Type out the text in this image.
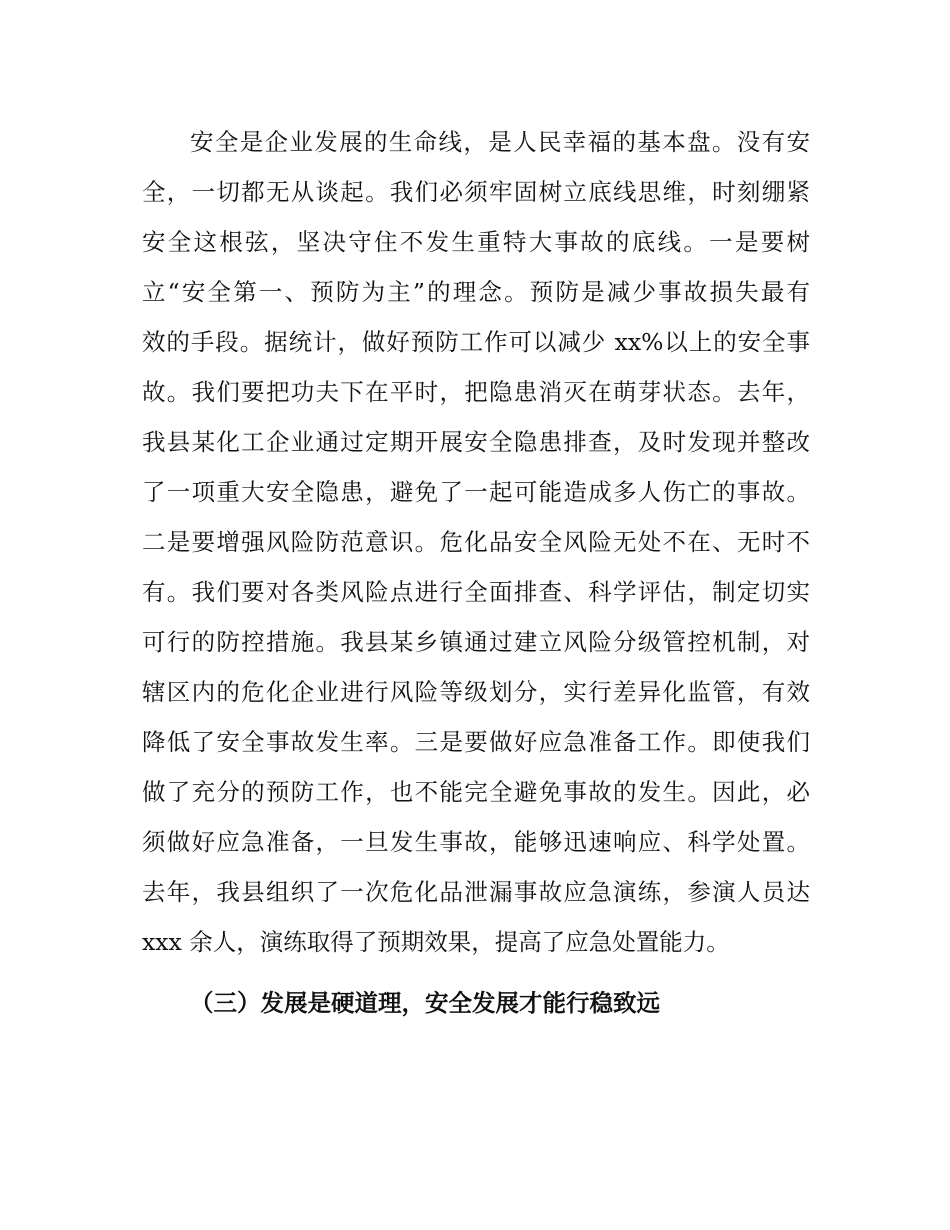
安全是企业发展的生命线，是人民幸福的基本盘。没有安
全，一切都无从谈起。我们必须牢固树立底线思维，时刻绷紧
安全这根弦，坚决守住不发生重特大事故的底线。一是要树
立“安全第一、预防为主”的理念。预防是减少事故损失最有
效的手段。据统计，做好预防工作可以减少 xx%以上的安全事
故。我们要把功夫下在平时，把隐患消灭在萌芽状态。去年，
我县某化工企业通过定期开展安全隐患排查，及时发现并整改
了一项重大安全隐患，避免了一起可能造成多人伤亡的事故。
二是要增强风险防范意识。危化品安全风险无处不在、无时不
有。我们要对各类风险点进行全面排查、科学评估，制定切实
可行的防控措施。我县某乡镇通过建立风险分级管控机制，对
辖区内的危化企业进行风险等级划分，实行差异化监管，有效
降低了安全事故发生率。三是要做好应急准备工作。即使我们
做了充分的预防工作，也不能完全避免事故的发生。因此，必
须做好应急准备，一旦发生事故，能够迅速响应、科学处置。
去年，我县组织了一次危化品泄漏事故应急演练，参演人员达
xxx 余人，演练取得了预期效果，提高了应急处置能力。
（三）发展是硬道理，安全发展才能行稳致远
